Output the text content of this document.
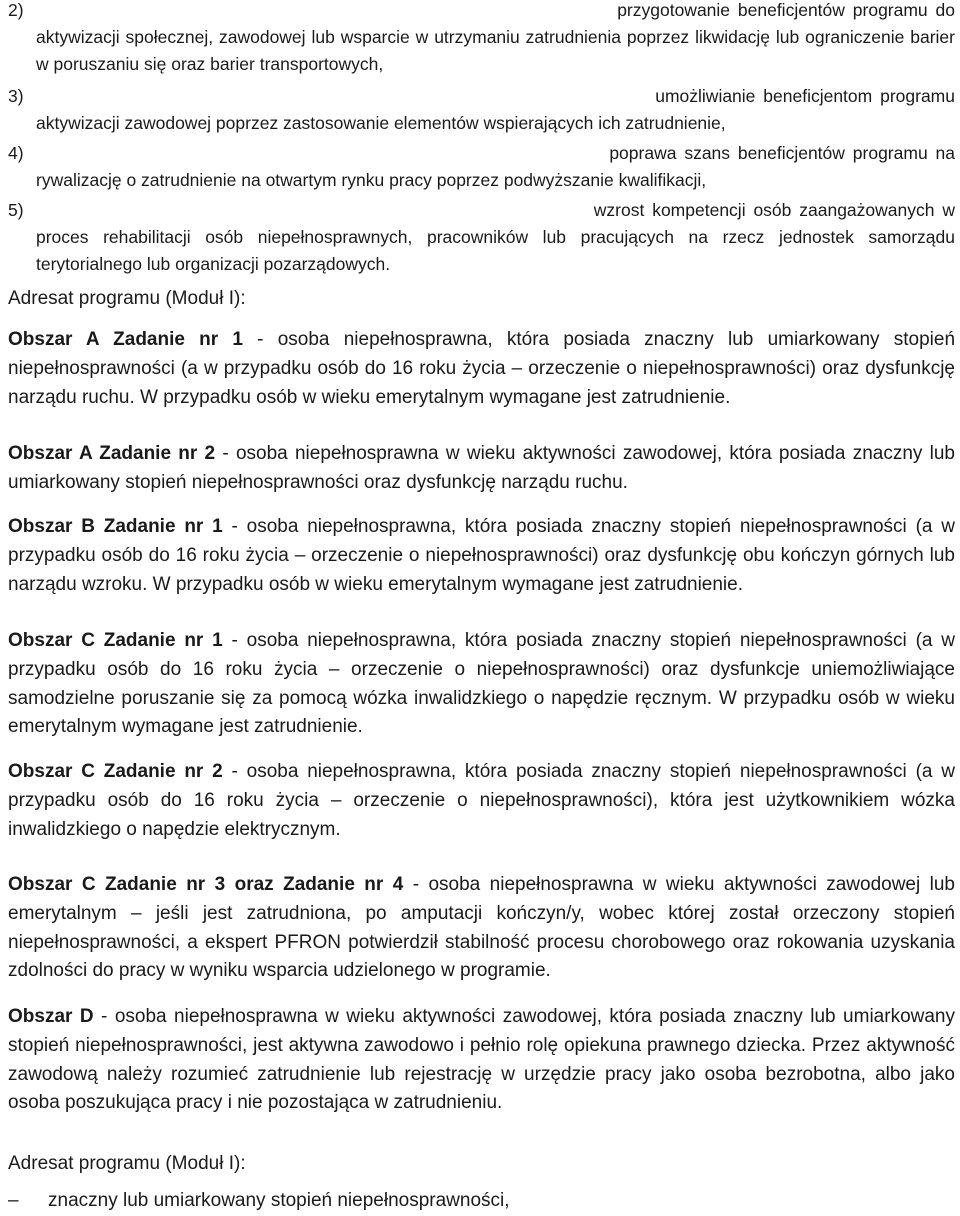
2)	przygotowanie beneficjentów programu do
aktywizacji społecznej, zawodowej lub wsparcie w utrzymaniu zatrudnienia poprzez likwidację lub ograniczenie barier w poruszaniu się oraz barier transportowych,
3)	umożliwianie beneficjentom programu
aktywizacji zawodowej poprzez zastosowanie elementów wspierających ich zatrudnienie,
4)	poprawa szans beneficjentów programu na
rywalizację o zatrudnienie na otwartym rynku pracy poprzez podwyższanie kwalifikacji,
5)	wzrost kompetencji osób zaangażowanych w
proces rehabilitacji osób niepełnosprawnych, pracowników lub pracujących na rzecz jednostek samorządu terytorialnego lub organizacji pozarządowych.
Adresat programu (Moduł I):
Obszar A Zadanie nr 1 - osoba niepełnosprawna, która posiada znaczny lub umiarkowany stopień niepełnosprawności (a w przypadku osób do 16 roku życia – orzeczenie o niepełnosprawności) oraz dysfunkcję narządu ruchu. W przypadku osób w wieku emerytalnym wymagane jest zatrudnienie.
Obszar A Zadanie nr 2 - osoba niepełnosprawna w wieku aktywności zawodowej, która posiada znaczny lub umiarkowany stopień niepełnosprawności oraz dysfunkcję narządu ruchu.
Obszar B Zadanie nr 1 - osoba niepełnosprawna, która posiada znaczny stopień niepełnosprawności (a w przypadku osób do 16 roku życia – orzeczenie o niepełnosprawności) oraz dysfunkcję obu kończyn górnych lub narządu wzroku. W przypadku osób w wieku emerytalnym wymagane jest zatrudnienie.
Obszar C Zadanie nr 1 - osoba niepełnosprawna, która posiada znaczny stopień niepełnosprawności (a w przypadku osób do 16 roku życia – orzeczenie o niepełnosprawności) oraz dysfunkcje uniemożliwiające samodzielne poruszanie się za pomocą wózka inwalidzkiego o napędzie ręcznym. W przypadku osób w wieku emerytalnym wymagane jest zatrudnienie.
Obszar C Zadanie nr 2 - osoba niepełnosprawna, która posiada znaczny stopień niepełnosprawności (a w przypadku osób do 16 roku życia – orzeczenie o niepełnosprawności), która jest użytkownikiem wózka inwalidzkiego o napędzie elektrycznym.
Obszar C Zadanie nr 3 oraz Zadanie nr 4 - osoba niepełnosprawna w wieku aktywności zawodowej lub emerytalnym – jeśli jest zatrudniona, po amputacji kończyn/y, wobec której został orzeczony stopień niepełnosprawności, a ekspert PFRON potwierdził stabilność procesu chorobowego oraz rokowania uzyskania zdolności do pracy w wyniku wsparcia udzielonego w programie.
Obszar D - osoba niepełnosprawna w wieku aktywności zawodowej, która posiada znaczny lub umiarkowany stopień niepełnosprawności, jest aktywna zawodowo i pełnio rolę opiekuna prawnego dziecka. Przez aktywność zawodową należy rozumieć zatrudnienie lub rejestrację w urzędzie pracy jako osoba bezrobotna, albo jako osoba poszukująca pracy i nie pozostająca w zatrudnieniu.
Adresat programu (Moduł I):
– znaczny lub umiarkowany stopień niepełnosprawności,
